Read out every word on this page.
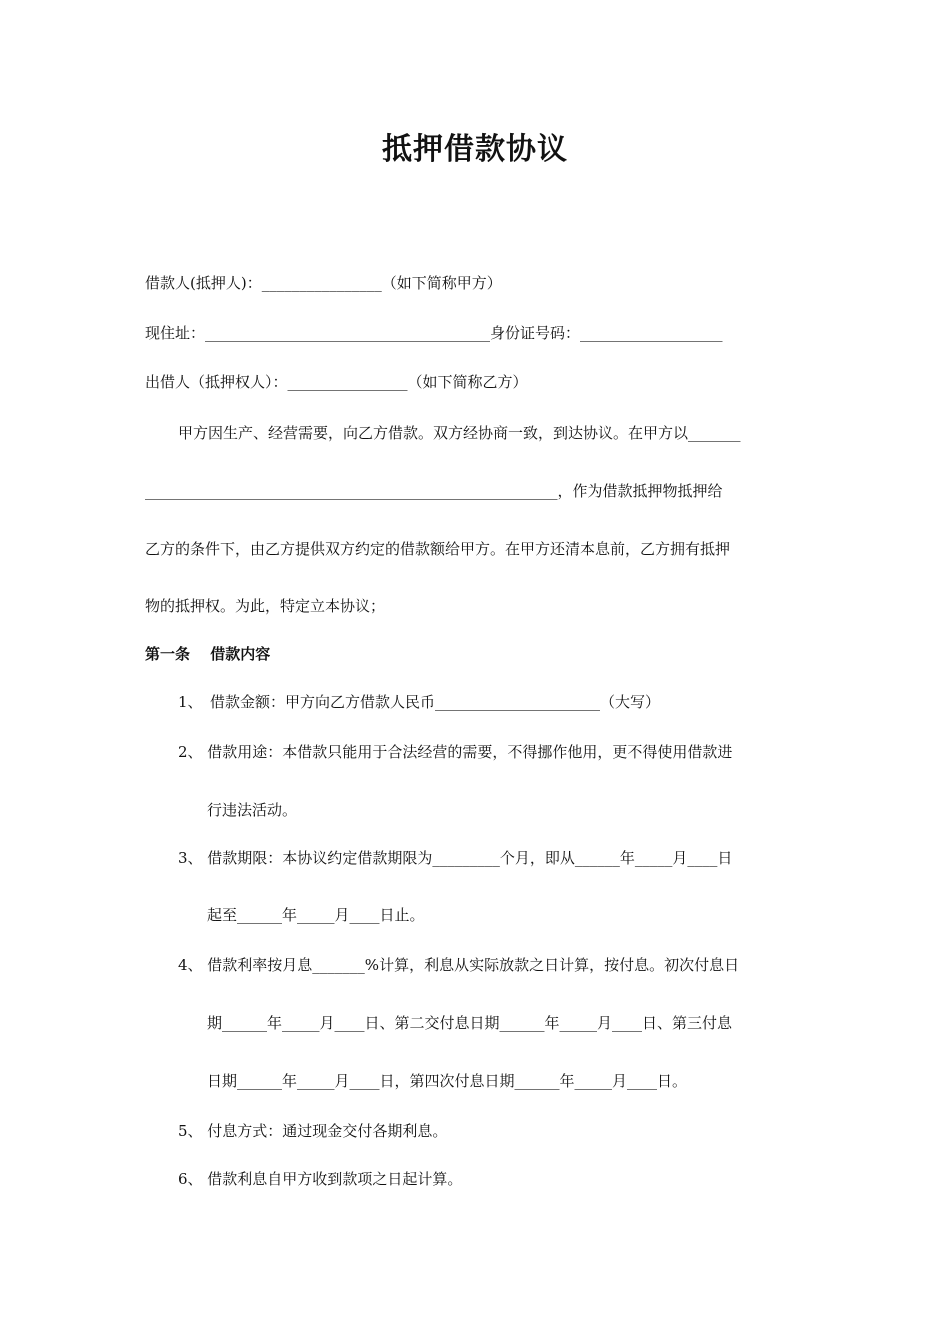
抵押借款协议
借款人(抵押人)：________________（如下简称甲方）
现住址：______________________________________身份证号码：___________________
出借人（抵押权人）：________________（如下简称乙方）
甲方因生产、经营需要，向乙方借款。双方经协商一致，到达协议。在甲方以_______
_______________________________________________________，作为借款抵押物抵押给
乙方的条件下，由乙方提供双方约定的借款额给甲方。在甲方还清本息前，乙方拥有抵押
物的抵押权。为此，特定立本协议；
第一条　 借款内容
1、　借款金额：甲方向乙方借款人民币______________________（大写）
2、 借款用途：本借款只能用于合法经营的需要，不得挪作他用，更不得使用借款进
行违法活动。
3、 借款期限：本协议约定借款期限为_________个月，即从______年_____月____日
起至______年_____月____日止。
4、 借款利率按月息_______%计算，利息从实际放款之日计算，按付息。初次付息日
期______年_____月____日、第二交付息日期______年_____月____日、第三付息
日期______年_____月____日，第四次付息日期______年_____月____日。
5、 付息方式：通过现金交付各期利息。
6、 借款利息自甲方收到款项之日起计算。
